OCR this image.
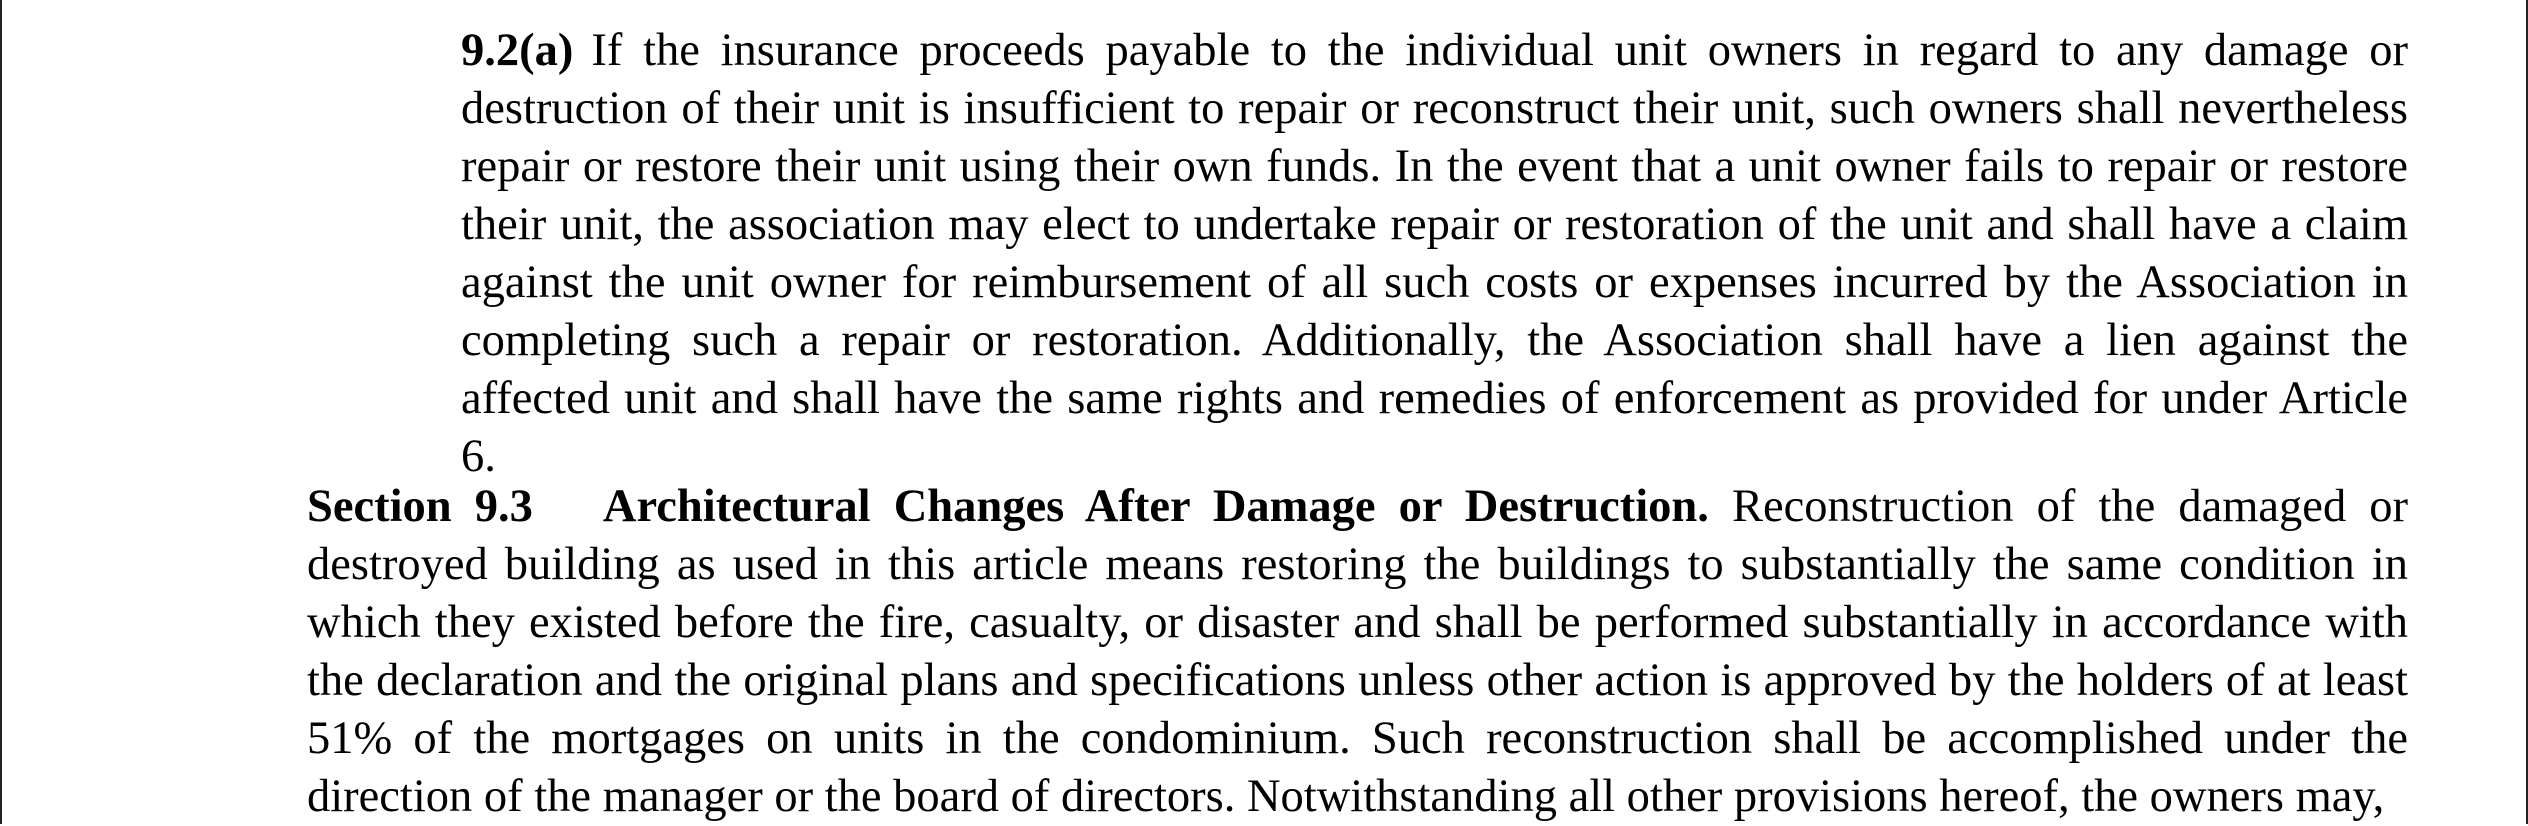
9.2(a) If the insurance proceeds payable to the individual unit owners in regard to any damage or destruction of their unit is insufficient to repair or reconstruct their unit, such owners shall nevertheless repair or restore their unit using their own funds. In the event that a unit owner fails to repair or restore their unit, the association may elect to undertake repair or restoration of the unit and shall have a claim against the unit owner for reimbursement of all such costs or expenses incurred by the Association in completing such a repair or restoration. Additionally, the Association shall have a lien against the affected unit and shall have the same rights and remedies of enforcement as provided for under Article 6.
Section 9.3 Architectural Changes After Damage or Destruction. Reconstruction of the damaged or destroyed building as used in this article means restoring the buildings to substantially the same condition in which they existed before the fire, casualty, or disaster and shall be performed substantially in accordance with the declaration and the original plans and specifications unless other action is approved by the holders of at least 51% of the mortgages on units in the condominium. Such reconstruction shall be accomplished under the direction of the manager or the board of directors. Notwithstanding all other provisions hereof, the owners may,
